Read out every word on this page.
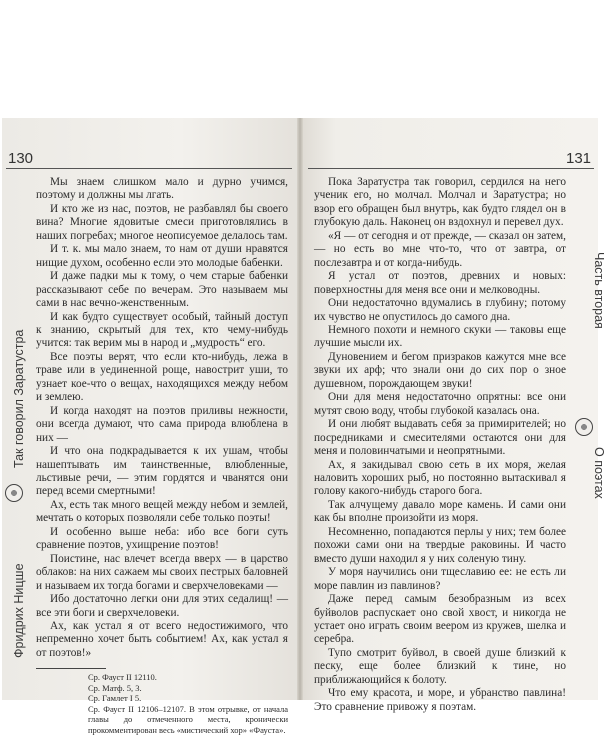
130
Так говорил Заратустра
Фридрих Ницше

Мы знаем слишком мало и дурно учимся, поэтому и должны мы лгать.

И кто же из нас, поэтов, не разбавлял бы своего вина? Многие ядовитые смеси приготовлялись в наших погребах; многое неописуемое делалось там.

И т. к. мы мало знаем, то нам от души нравятся нищие духом, особенно если это молодые бабенки.

И даже падки мы к тому, о чем старые бабенки рассказывают себе по вечерам. Это называем мы сами в нас вечно-женственным.

И как будто существует особый, тайный доступ к знанию, скрытый для тех, кто чему-нибудь учится: так верим мы в народ и „мудрость“ его.

Все поэты верят, что если кто-нибудь, лежа в траве или в уединенной роще, навострит уши, то узнает кое-что о вещах, находящихся между небом и землею.

И когда находят на поэтов приливы нежности, они всегда думают, что сама природа влюблена в них —

И что она подкрадывается к их ушам, чтобы нашептывать им таинственные, влюбленные, льстивые речи, — этим гордятся и чванятся они перед всеми смертными!

Ах, есть так много вещей между небом и землей, мечтать о которых позволяли себе только поэты!

И особенно выше неба: ибо все боги суть сравнение поэтов, ухищрение поэтов!

Поистине, нас влечет всегда вверх — в царство облаков: на них сажаем мы своих пестрых баловней и называем их тогда богами и сверхчеловеками —

Ибо достаточно легки они для этих седалищ! — все эти боги и сверхчеловеки.

Ах, как устал я от всего недостижимого, что непременно хочет быть событием! Ах, как устал я от поэтов!»

Ср. Фауст II 12110.
Ср. Матф. 5, 3.
Ср. Гамлет I 5.
Ср. Фауст II 12106–12107. В этом отрывке, от начала главы до отмеченного места, кронически прокомментирован весь «мистический хор» «Фауста».
131

Пока Заратустра так говорил, сердился на него ученик его, но молчал. Молчал и Заратустра; но взор его обращен был внутрь, как будто глядел он в глубокую даль. Наконец он вздохнул и перевел дух.

«Я — от сегодня и от прежде, — сказал он затем, — но есть во мне что-то, что от завтра, от послезавтра и от когда-нибудь.

Я устал от поэтов, древних и новых: поверхностны для меня все они и мелководны.

Они недостаточно вдумались в глубину; потому их чувство не опустилось до самого дна.

Немного похоти и немного скуки — таковы еще лучшие мысли их.

Дуновением и бегом призраков кажутся мне все звуки их арф; что знали они до сих пор о зное душевном, порождающем звуки!

Они для меня недостаточно опрятны: все они мутят свою воду, чтобы глубокой казалась она.

И они любят выдавать себя за примирителей; но посредниками и смесителями остаются они для меня и половинчатыми и неопрятными.

Ах, я закидывал свою сеть в их моря, желая наловить хороших рыб, но постоянно вытаскивал я голову какого-нибудь старого бога.

Так алчущему давало море камень. И сами они как бы вполне произойти из моря.

Несомненно, попадаются перлы у них; тем более похожи сами они на твердые раковины. И часто вместо души находил я у них соленую тину.

У моря научились они тщеславию ее: не есть ли море павлин из павлинов?

Даже перед самым безобразным из всех буйволов распускает оно свой хвост, и никогда не устает оно играть своим веером из кружев, шелка и серебра.

Тупо смотрит буйвол, в своей душе близкий к песку, еще более близкий к тине, но приближающийся к болоту.

Что ему красота, и море, и убранство павлина! Это сравнение привожу я поэтам.

Часть вторая
О поэтах
